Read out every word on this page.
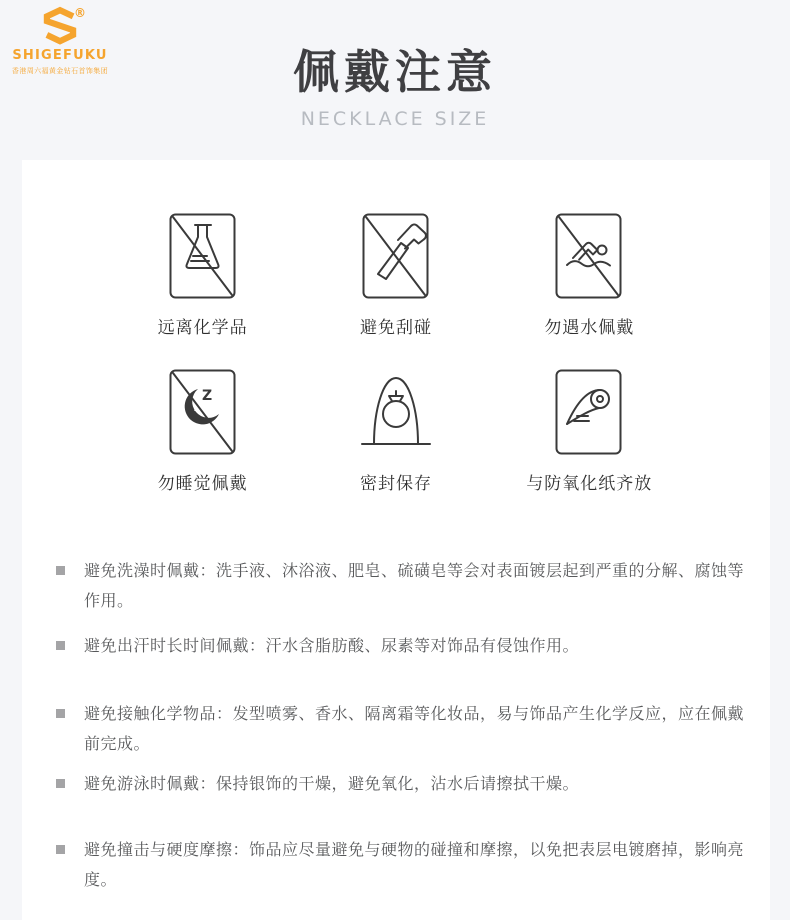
®
SHIGEFUKU
香港周六福黄金钻石首饰集团	佩戴注意
NECKLACE SIZE
远离化学品	避免刮碰	勿遇水佩戴
Z
z
勿睡觉佩戴	密封保存	与防氧化纸齐放
避免洗澡时佩戴：洗手液、沐浴液、肥皂、硫磺皂等会对表面镀层起到严重的分解、腐蚀等作用。
避免出汗时长时间佩戴：汗水含脂肪酸、尿素等对饰品有侵蚀作用。
避免接触化学物品：发型喷雾、香水、隔离霜等化妆品，易与饰品产生化学反应，应在佩戴前完成。
避免游泳时佩戴：保持银饰的干燥，避免氧化，沾水后请擦拭干燥。
避免撞击与硬度摩擦：饰品应尽量避免与硬物的碰撞和摩擦，以免把表层电镀磨掉，影响亮度。
